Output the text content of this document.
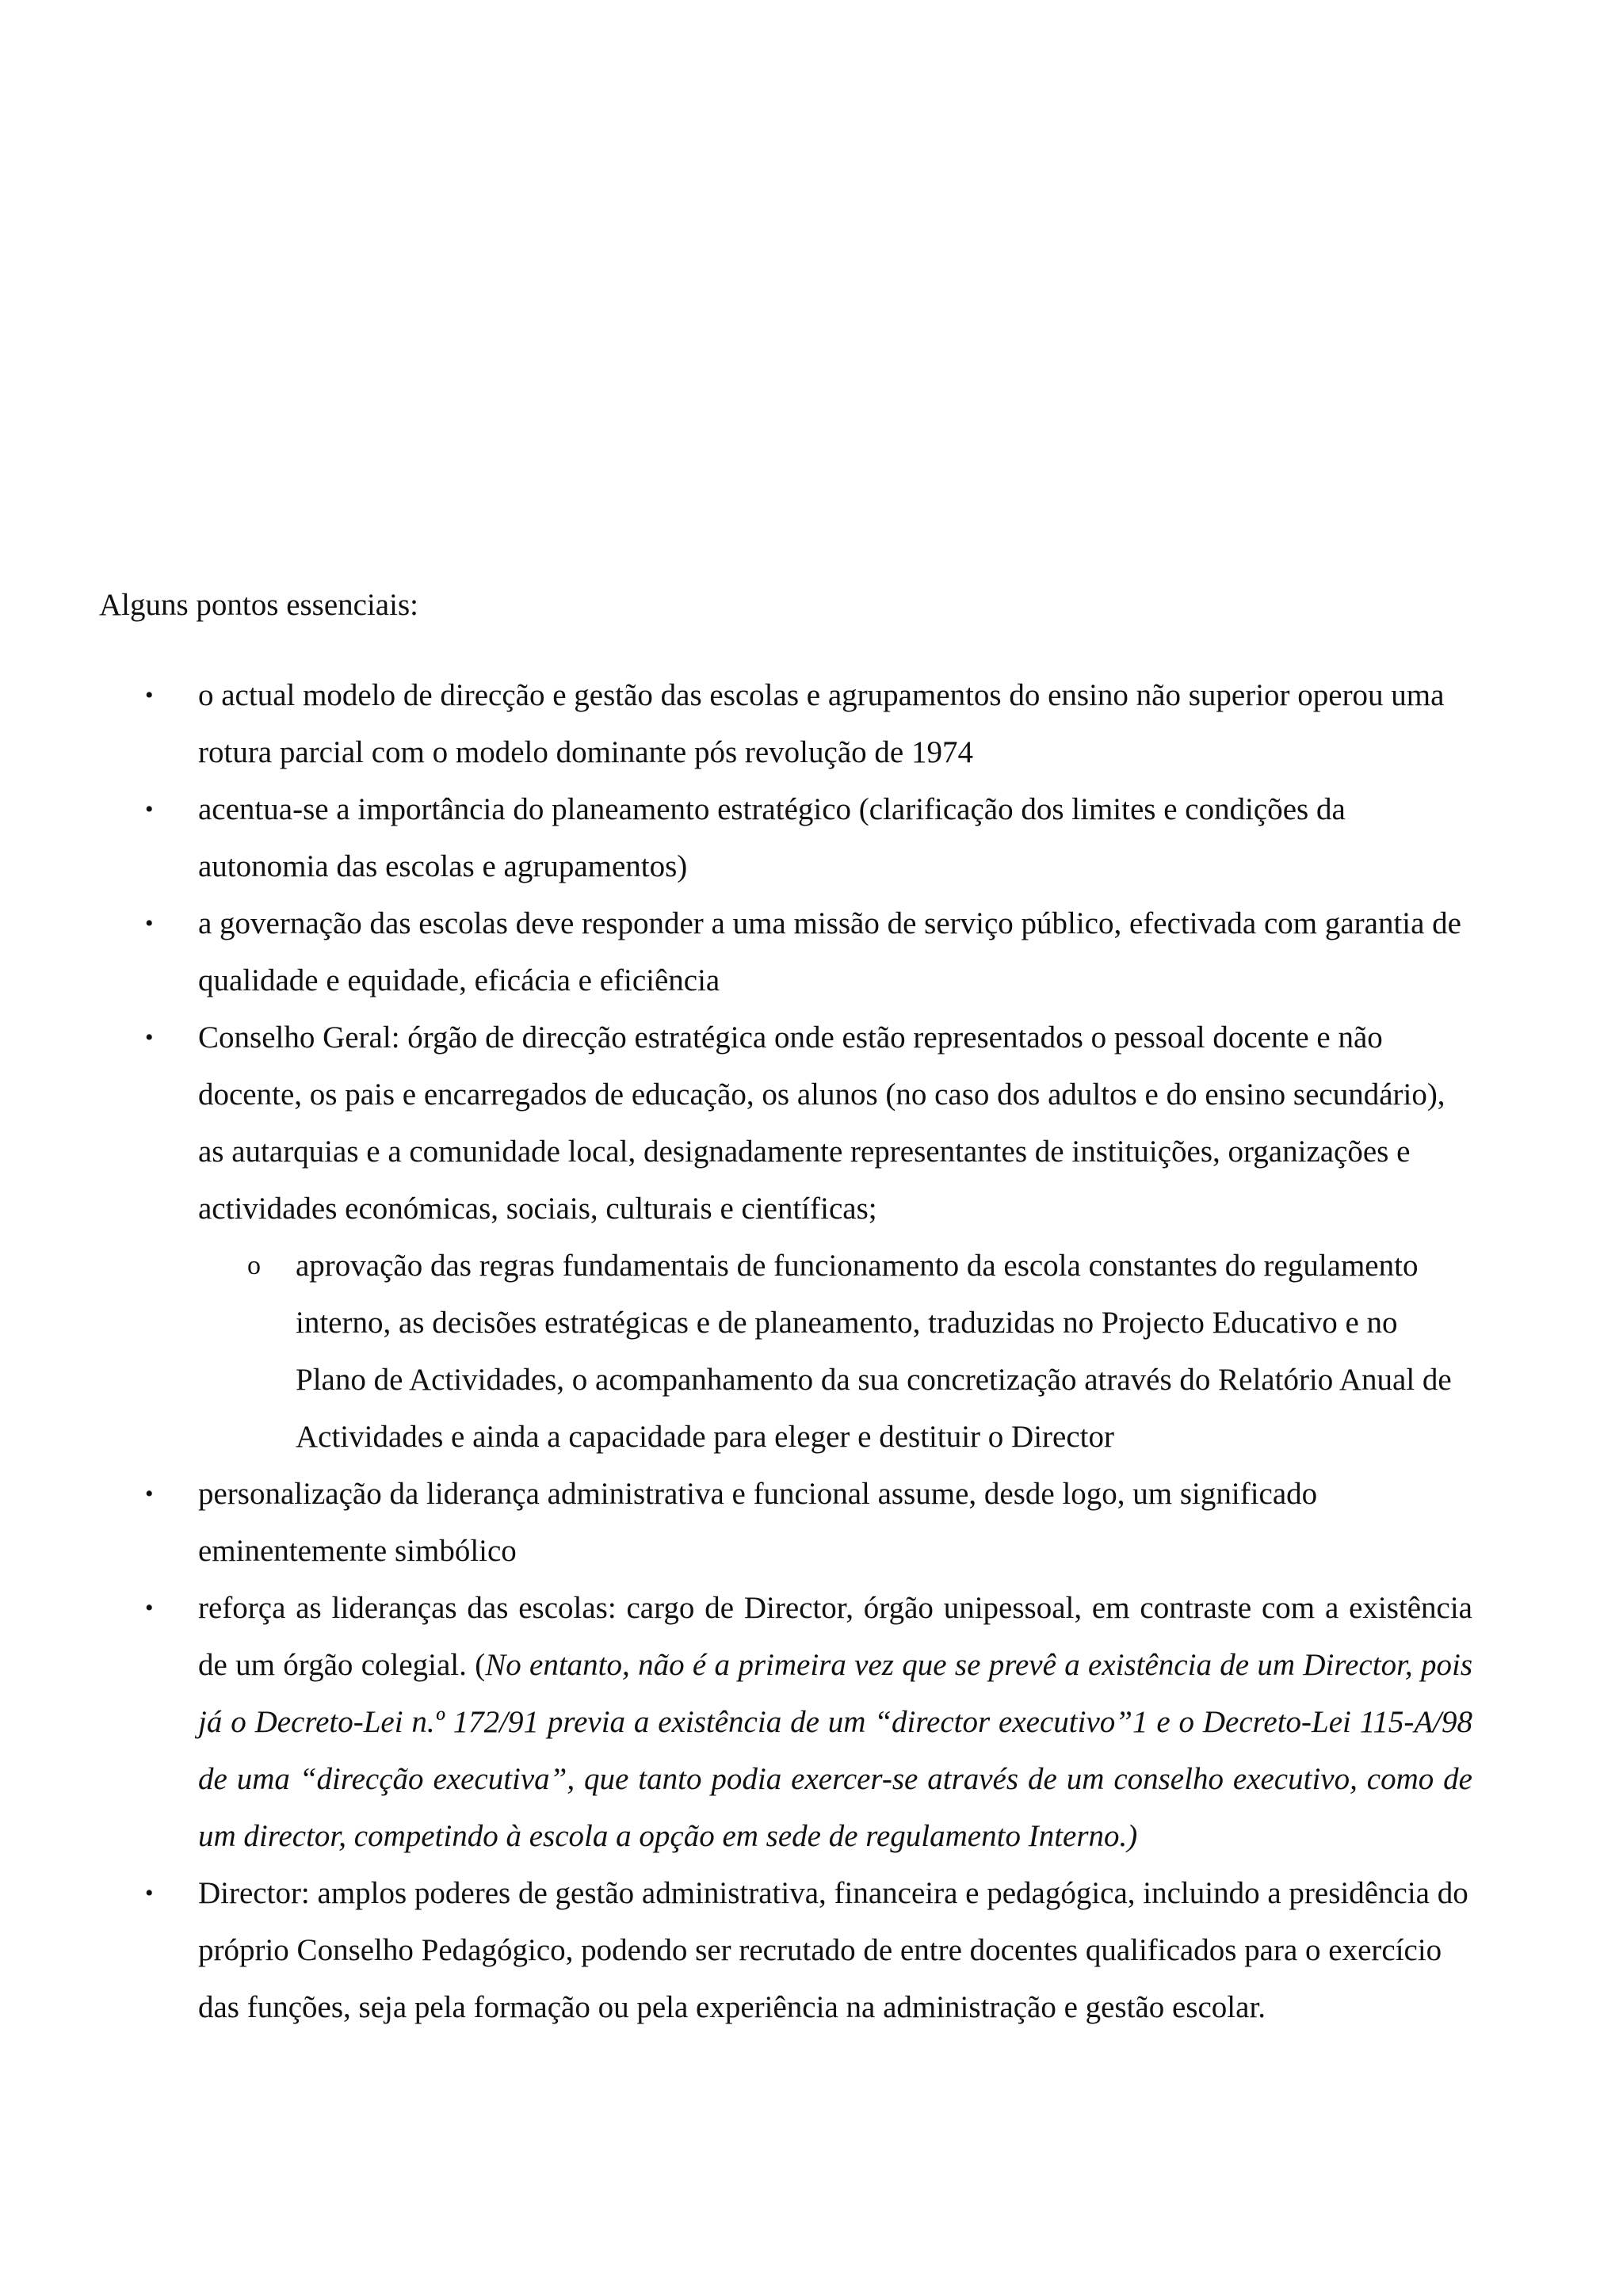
Alguns pontos essenciais:

• o actual modelo de direcção e gestão das escolas e agrupamentos do ensino não superior operou uma rotura parcial com o modelo dominante pós revolução de 1974
• acentua-se a importância do planeamento estratégico (clarificação dos limites e condições da autonomia das escolas e agrupamentos)
• a governação das escolas deve responder a uma missão de serviço público, efectivada com garantia de qualidade e equidade, eficácia e eficiência
• Conselho Geral: órgão de direcção estratégica onde estão representados o pessoal docente e não docente, os pais e encarregados de educação, os alunos (no caso dos adultos e do ensino secundário), as autarquias e a comunidade local, designadamente representantes de instituições, organizações e actividades económicas, sociais, culturais e científicas;
o aprovação das regras fundamentais de funcionamento da escola constantes do regulamento interno, as decisões estratégicas e de planeamento, traduzidas no Projecto Educativo e no Plano de Actividades, o acompanhamento da sua concretização através do Relatório Anual de Actividades e ainda a capacidade para eleger e destituir o Director
• personalização da liderança administrativa e funcional assume, desde logo, um significado eminentemente simbólico
• reforça as lideranças das escolas: cargo de Director, órgão unipessoal, em contraste com a existência de um órgão colegial. (No entanto, não é a primeira vez que se prevê a existência de um Director, pois já o Decreto-Lei n.º 172/91 previa a existência de um “director executivo”1 e o Decreto-Lei 115-A/98 de uma “direcção executiva”, que tanto podia exercer-se através de um conselho executivo, como de um director, competindo à escola a opção em sede de regulamento Interno.)
• Director: amplos poderes de gestão administrativa, financeira e pedagógica, incluindo a presidência do próprio Conselho Pedagógico, podendo ser recrutado de entre docentes qualificados para o exercício das funções, seja pela formação ou pela experiência na administração e gestão escolar.
